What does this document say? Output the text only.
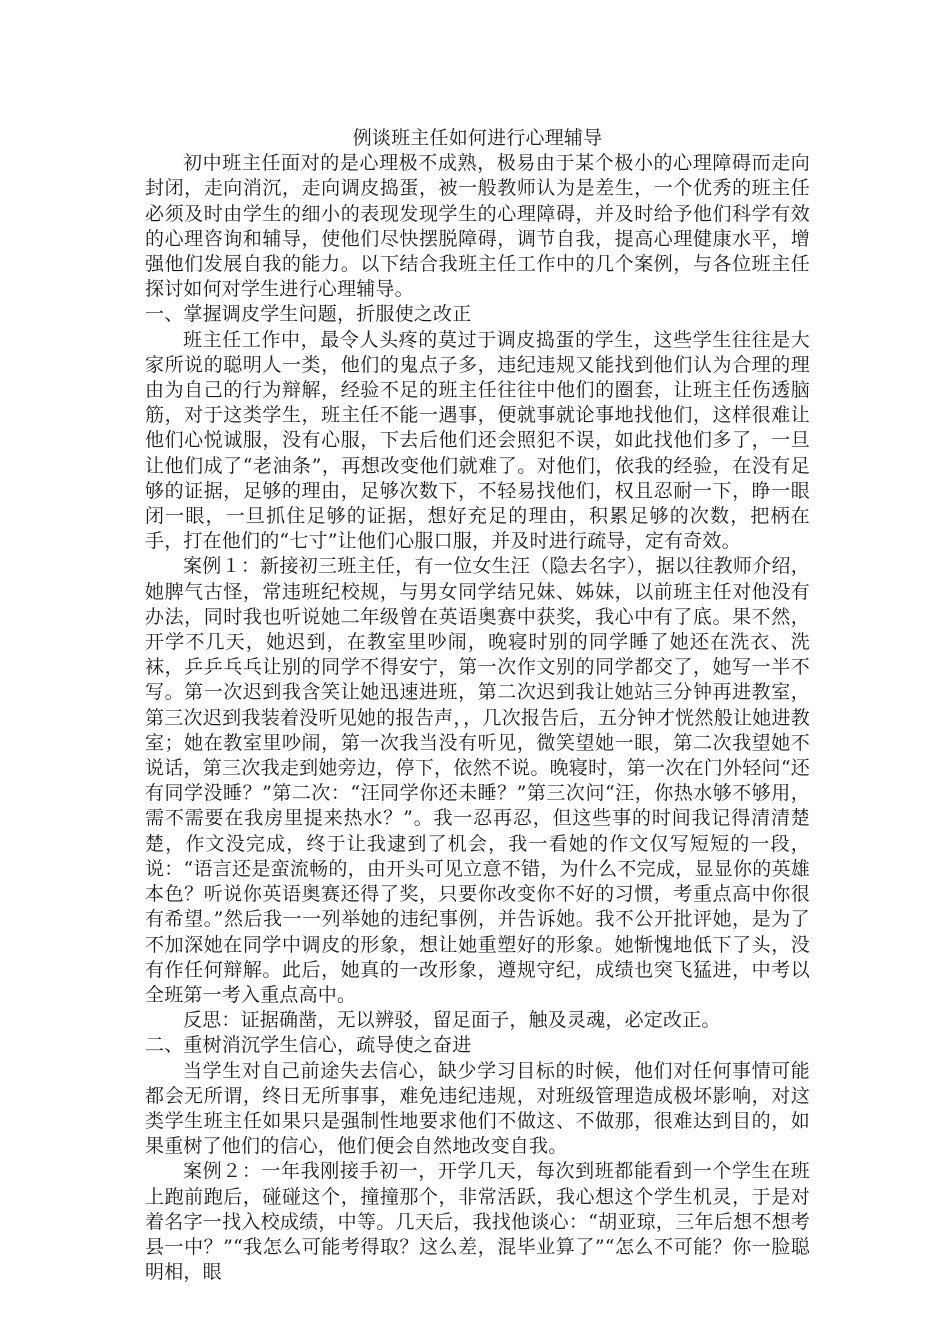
例谈班主任如何进行心理辅导

初中班主任面对的是心理极不成熟，极易由于某个极小的心理障碍而走向封闭，走向消沉，走向调皮捣蛋，被一般教师认为是差生，一个优秀的班主任必须及时由学生的细小的表现发现学生的心理障碍，并及时给予他们科学有效的心理咨询和辅导，使他们尽快摆脱障碍，调节自我，提高心理健康水平，增强他们发展自我的能力。以下结合我班主任工作中的几个案例，与各位班主任探讨如何对学生进行心理辅导。

一、掌握调皮学生问题，折服使之改正

班主任工作中，最令人头疼的莫过于调皮捣蛋的学生，这些学生往往是大家所说的聪明人一类，他们的鬼点子多，违纪违规又能找到他们认为合理的理由为自己的行为辩解，经验不足的班主任往往中他们的圈套，让班主任伤透脑筋，对于这类学生，班主任不能一遇事，便就事就论事地找他们，这样很难让他们心悦诚服，没有心服，下去后他们还会照犯不误，如此找他们多了，一旦让他们成了“老油条”，再想改变他们就难了。对他们，依我的经验，在没有足够的证据，足够的理由，足够次数下，不轻易找他们，权且忍耐一下，睁一眼闭一眼，一旦抓住足够的证据，想好充足的理由，积累足够的次数，把柄在手，打在他们的“七寸”让他们心服口服，并及时进行疏导，定有奇效。

案例１：新接初三班主任，有一位女生汪（隐去名字），据以往教师介绍，她脾气古怪，常违班纪校规，与男女同学结兄妹、姊妹，以前班主任对他没有办法，同时我也听说她二年级曾在英语奥赛中获奖，我心中有了底。果不然，开学不几天，她迟到，在教室里吵闹，晚寝时别的同学睡了她还在洗衣、洗袜，乒乒乓乓让别的同学不得安宁，第一次作文别的同学都交了，她写一半不写。第一次迟到我含笑让她迅速进班，第二次迟到我让她站三分钟再进教室，第三次迟到我装着没听见她的报告声，，几次报告后，五分钟才恍然般让她进教室；她在教室里吵闹，第一次我当没有听见，微笑望她一眼，第二次我望她不说话，第三次我走到她旁边，停下，依然不说。晚寝时，第一次在门外轻问“还有同学没睡？”第二次：“汪同学你还未睡？”第三次问“汪，你热水够不够用，需不需要在我房里提来热水？”。我一忍再忍，但这些事的时间我记得清清楚楚，作文没完成，终于让我逮到了机会，我一看她的作文仅写短短的一段，说：“语言还是蛮流畅的，由开头可见立意不错，为什么不完成，显显你的英雄本色？听说你英语奥赛还得了奖，只要你改变你不好的习惯，考重点高中你很有希望。”然后我一一列举她的违纪事例，并告诉她。我不公开批评她，是为了不加深她在同学中调皮的形象，想让她重塑好的形象。她惭愧地低下了头，没有作任何辩解。此后，她真的一改形象，遵规守纪，成绩也突飞猛进，中考以全班第一考入重点高中。

反思：证据确凿，无以辨驳，留足面子，触及灵魂，必定改正。

二、重树消沉学生信心，疏导使之奋进

当学生对自己前途失去信心，缺少学习目标的时候，他们对任何事情可能都会无所谓，终日无所事事，难免违纪违规，对班级管理造成极坏影响，对这类学生班主任如果只是强制性地要求他们不做这、不做那，很难达到目的，如果重树了他们的信心，他们便会自然地改变自我。

案例２：一年我刚接手初一，开学几天，每次到班都能看到一个学生在班上跑前跑后，碰碰这个，撞撞那个，非常活跃，我心想这个学生机灵，于是对着名字一找入校成绩，中等。几天后，我找他谈心：“胡亚琼，三年后想不想考县一中？”“我怎么可能考得取？这么差，混毕业算了”“怎么不可能？你一脸聪明相，眼
